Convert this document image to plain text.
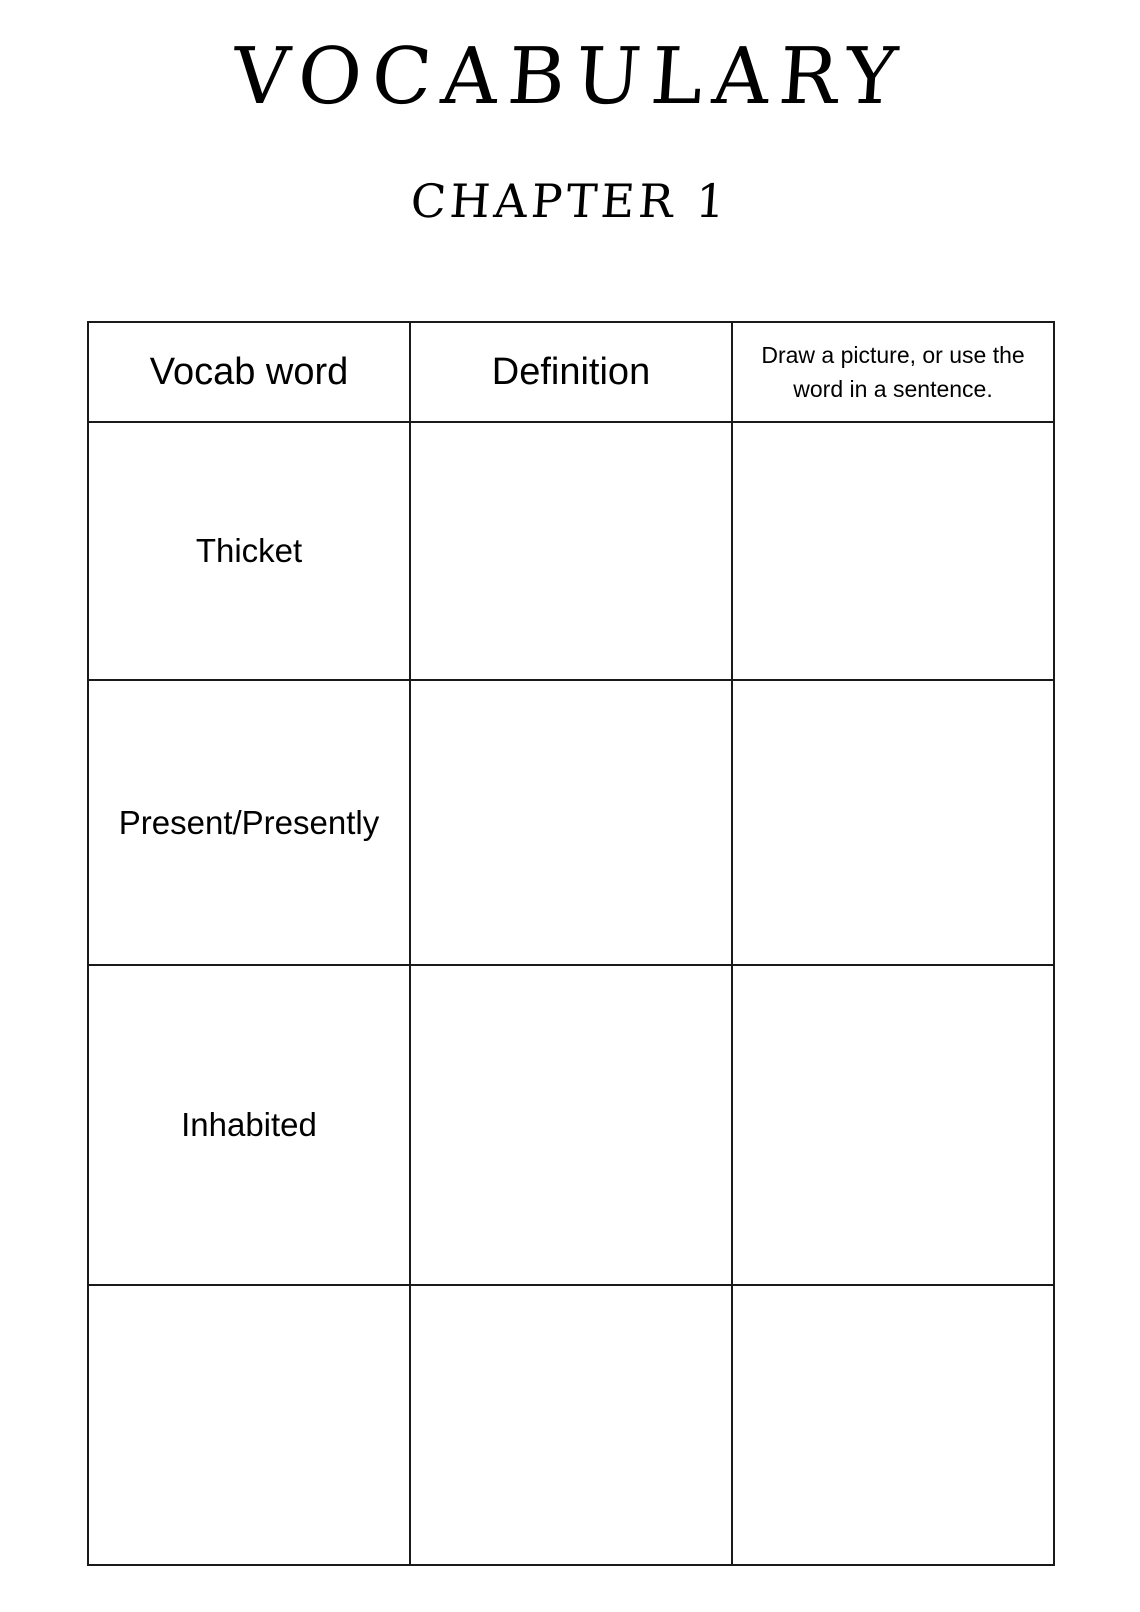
VOCABULARY
CHAPTER 1
Vocab word	Definition	Draw a picture, or use the word in a sentence.
Thicket		
Present/Presently		
Inhabited		
